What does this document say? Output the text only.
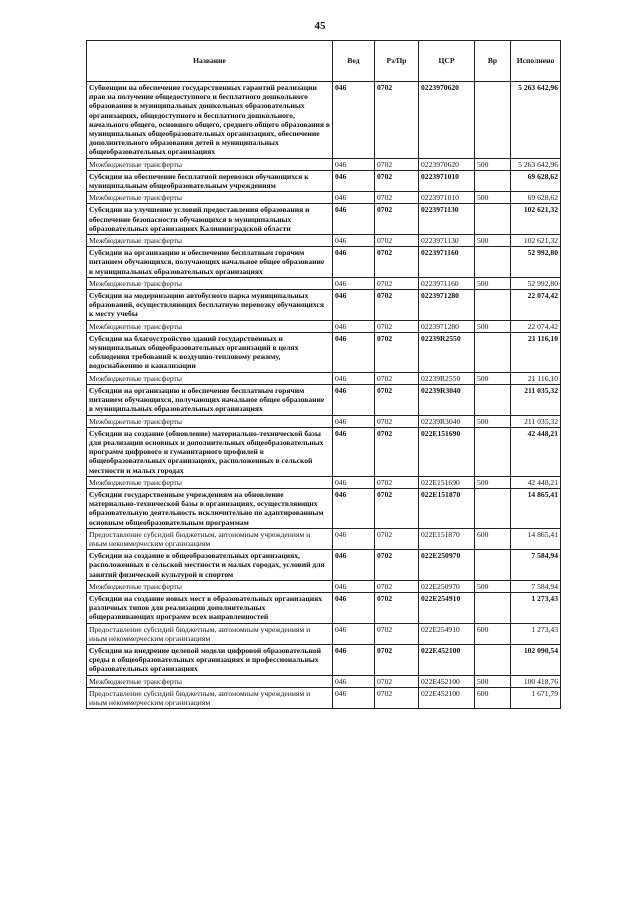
45
Название	Вед	Рз/Пр	ЦСР	Вр	Исполнено
Субвенции на обеспечение государственных гарантий реализации прав на получение общедоступного и бесплатного дошкольного образования в муниципальных дошкольных образовательных организациях, общедоступного и бесплатного дошкольного, начального общего, основного общего, среднего общего образования в муниципальных общеобразовательных организациях, обеспечение дополнительного образования детей в муниципальных общеобразовательных организациях	046	0702	0223970620		5 263 642,96
Межбюджетные трансферты	046	0702	0223970620	500	5 263 642,96
Субсидии на обеспечение бесплатной перевозки обучающихся к муниципальным общеобразовательным учреждениям	046	0702	0223971010		69 628,62
Межбюджетные трансферты	046	0702	0223971010	500	69 628,62
Субсидии на улучшение условий предоставления образования и обеспечение безопасности обучающихся в муниципальных образовательных организациях Калининградской области	046	0702	0223971130		102 621,32
Межбюджетные трансферты	046	0702	0223971130	500	102 621,32
Субсидии на организацию и обеспечение бесплатным горячим питанием обучающихся, получающих начальное общее образование в муниципальных образовательных организациях	046	0702	0223971160		52 992,80
Межбюджетные трансферты	046	0702	0223971160	500	52 992,80
Субсидии на модернизацию автобусного парка муниципальных образований, осуществляющих бесплатную перевозку обучающихся к месту учебы	046	0702	0223971280		22 074,42
Межбюджетные трансферты	046	0702	0223971280	500	22 074,42
Субсидии на благоустройство зданий государственных и муниципальных общеобразовательных организаций в целях соблюдения требований к воздушно-тепловому режиму, водоснабжению и канализации	046	0702	02239R2550		21 116,10
Межбюджетные трансферты	046	0702	02239R2550	500	21 116,10
Субсидии на организацию и обеспечение бесплатным горячим питанием обучающихся, получающих начальное общее образование в муниципальных образовательных организациях	046	0702	02239R3040		211 035,32
Межбюджетные трансферты	046	0702	02239R3040	500	211 035,32
Субсидии на создание (обновление) материально-технической базы для реализации основных и дополнительных общеобразовательных программ цифрового и гуманитарного профилей в общеобразовательных организациях, расположенных в сельской местности и малых городах	046	0702	022E151690		42 448,21
Межбюджетные трансферты	046	0702	022E151690	500	42 448,21
Субсидии государственным учреждениям на обновление материально-технической базы в организациях, осуществляющих образовательную деятельность исключительно по адаптированным основным общеобразовательным программам	046	0702	022E151870		14 865,41
Предоставление субсидий бюджетным, автономным учреждениям и иным некоммерческим организациям	046	0702	022E151870	600	14 865,41
Субсидии на создание в общеобразовательных организациях, расположенных в сельской местности и малых городах, условий для занятий физической культурой и спортом	046	0702	022E250970		7 584,94
Межбюджетные трансферты	046	0702	022E250970	500	7 584,94
Субсидии на создание новых мест в образовательных организациях различных типов для реализации дополнительных общеразвивающих программ всех направленностей	046	0702	022E254910		1 273,43
Предоставление субсидий бюджетным, автономным учреждениям и иным некоммерческим организациям	046	0702	022E254910	600	1 273,43
Субсидии на внедрение целевой модели цифровой образовательной среды в общеобразовательных организациях и профессиональных образовательных организациях	046	0702	022E452100		102 090,54
Межбюджетные трансферты	046	0702	022E452100	500	100 418,76
Предоставление субсидий бюджетным, автономным учреждениям и иным некоммерческим организациям	046	0702	022E452100	600	1 671,79
